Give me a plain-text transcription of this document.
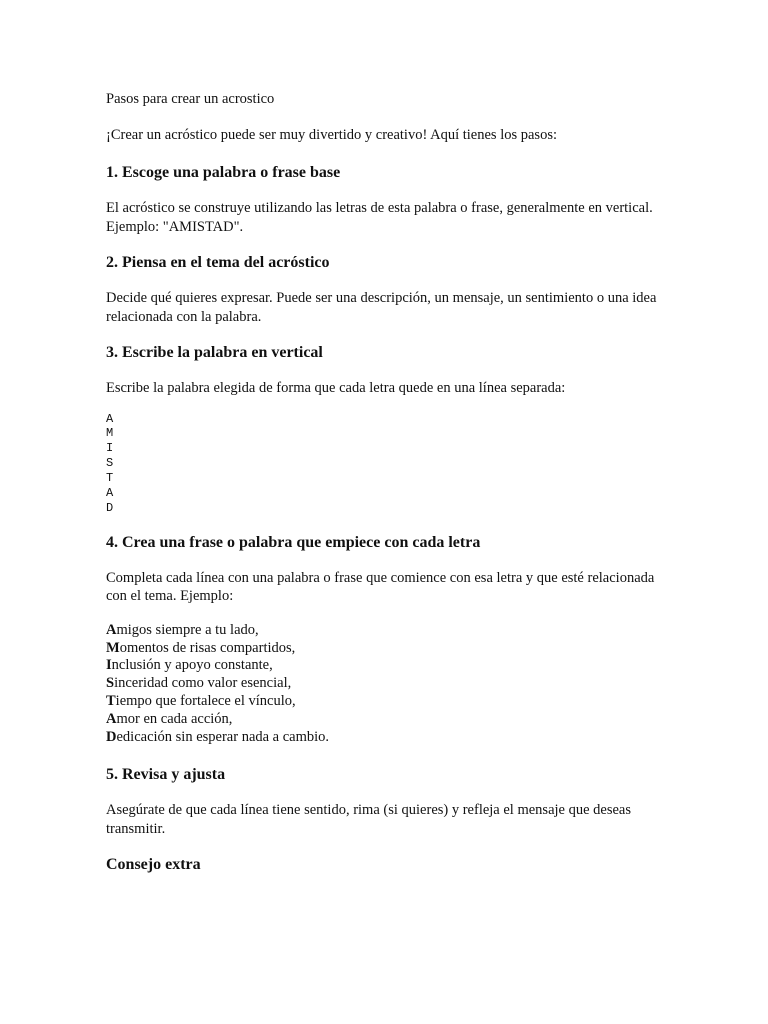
Pasos para crear un acrostico

¡Crear un acróstico puede ser muy divertido y creativo! Aquí tienes los pasos:

1. Escoge una palabra o frase base

El acróstico se construye utilizando las letras de esta palabra o frase, generalmente en vertical. Ejemplo: "AMISTAD".

2. Piensa en el tema del acróstico

Decide qué quieres expresar. Puede ser una descripción, un mensaje, un sentimiento o una idea relacionada con la palabra.

3. Escribe la palabra en vertical

Escribe la palabra elegida de forma que cada letra quede en una línea separada:

A
M
I
S
T
A
D
4. Crea una frase o palabra que empiece con cada letra

Completa cada línea con una palabra o frase que comience con esa letra y que esté relacionada con el tema. Ejemplo:

Amigos siempre a tu lado,

Momentos de risas compartidos,

Inclusión y apoyo constante,

Sinceridad como valor esencial,

Tiempo que fortalece el vínculo,

Amor en cada acción,

Dedicación sin esperar nada a cambio.

5. Revisa y ajusta

Asegúrate de que cada línea tiene sentido, rima (si quieres) y refleja el mensaje que deseas transmitir.

Consejo extra
